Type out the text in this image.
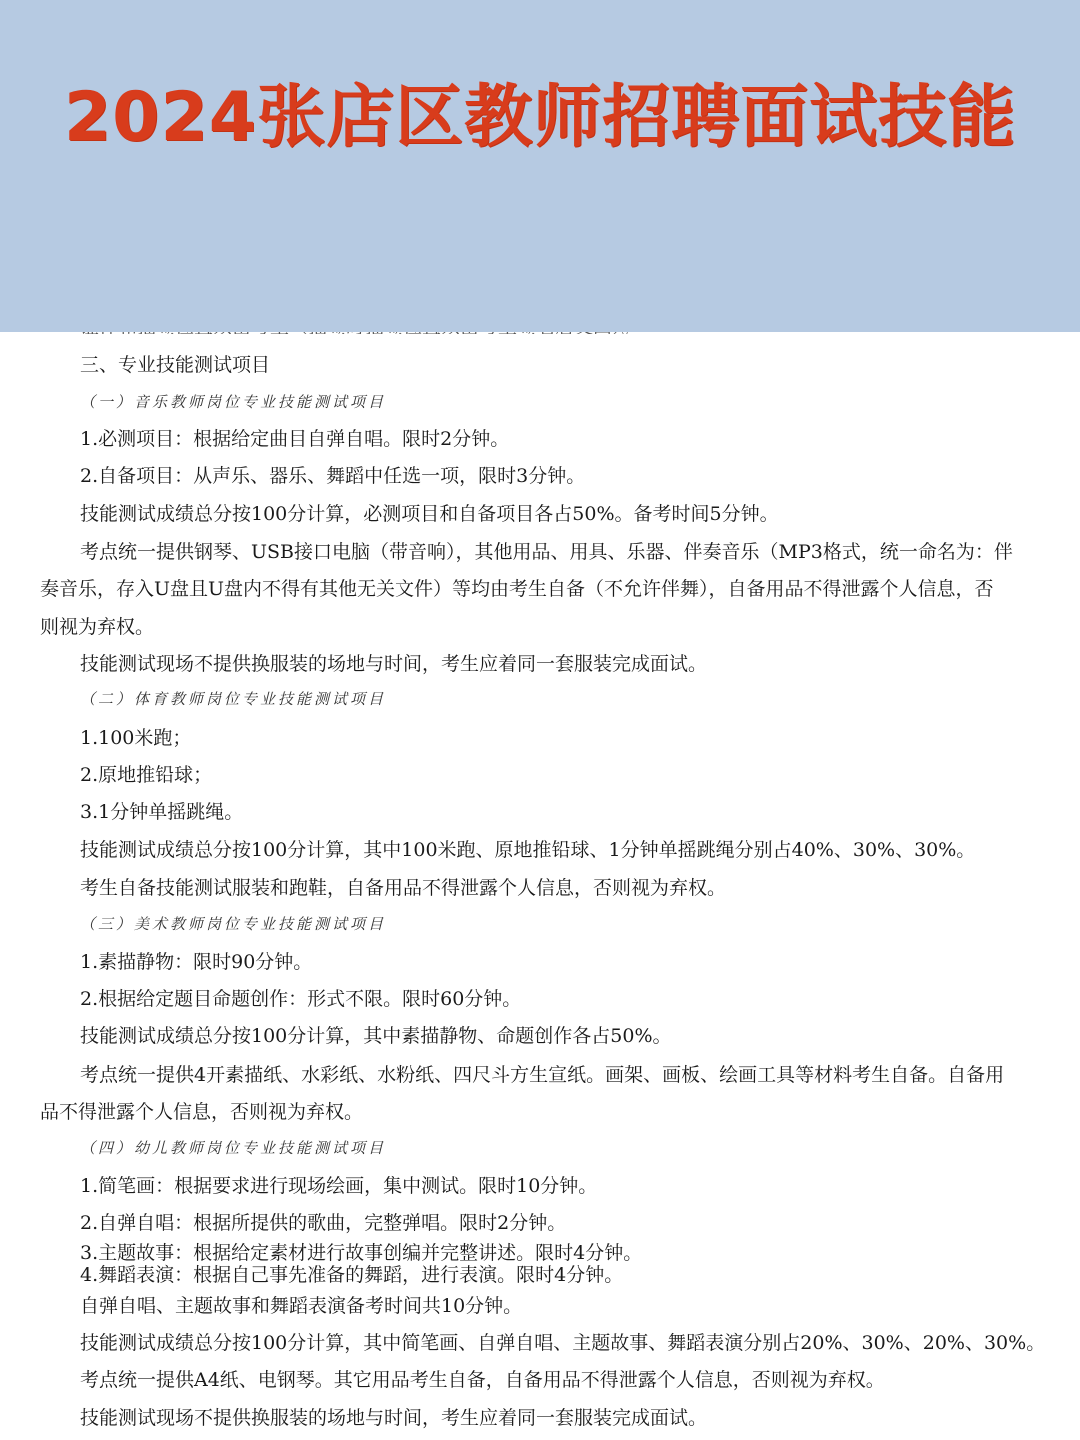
三、专业技能测试项目
（一）音乐教师岗位专业技能测试项目
1.必测项目：根据给定曲目自弹自唱。限时2分钟。
2.自备项目：从声乐、器乐、舞蹈中任选一项，限时3分钟。
技能测试成绩总分按100分计算，必测项目和自备项目各占50%。备考时间5分钟。
考点统一提供钢琴、USB接口电脑（带音响），其他用品、用具、乐器、伴奏音乐（MP3格式，统一命名为：伴
奏音乐，存入U盘且U盘内不得有其他无关文件）等均由考生自备（不允许伴舞），自备用品不得泄露个人信息，否
则视为弃权。
技能测试现场不提供换服装的场地与时间，考生应着同一套服装完成面试。
（二）体育教师岗位专业技能测试项目
1.100米跑；
2.原地推铅球；
3.1分钟单摇跳绳。
技能测试成绩总分按100分计算，其中100米跑、原地推铅球、1分钟单摇跳绳分别占40%、30%、30%。
考生自备技能测试服装和跑鞋，自备用品不得泄露个人信息，否则视为弃权。
（三）美术教师岗位专业技能测试项目
1.素描静物：限时90分钟。
2.根据给定题目命题创作：形式不限。限时60分钟。
技能测试成绩总分按100分计算，其中素描静物、命题创作各占50%。
考点统一提供4开素描纸、水彩纸、水粉纸、四尺斗方生宣纸。画架、画板、绘画工具等材料考生自备。自备用
品不得泄露个人信息，否则视为弃权。
（四）幼儿教师岗位专业技能测试项目
1.简笔画：根据要求进行现场绘画，集中测试。限时10分钟。
2.自弹自唱：根据所提供的歌曲，完整弹唱。限时2分钟。
3.主题故事：根据给定素材进行故事创编并完整讲述。限时4分钟。
4.舞蹈表演：根据自己事先准备的舞蹈，进行表演。限时4分钟。
自弹自唱、主题故事和舞蹈表演备考时间共10分钟。
技能测试成绩总分按100分计算，其中简笔画、自弹自唱、主题故事、舞蹈表演分别占20%、30%、20%、30%。
考点统一提供A4纸、电钢琴。其它用品考生自备，自备用品不得泄露个人信息，否则视为弃权。
技能测试现场不提供换服装的场地与时间，考生应着同一套服装完成面试。
2024张店区教师招聘面试技能
